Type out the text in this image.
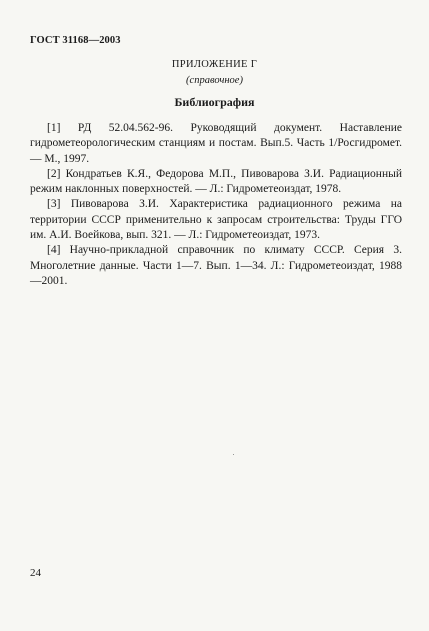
ГОСТ 31168—2003
ПРИЛОЖЕНИЕ Г
(справочное)
Библиография

[1] РД 52.04.562-96. Руководящий документ. Наставление гидрометеорологическим станциям и постам. Вып.5. Часть 1/Росгидромет. — М., 1997.

[2] Кондратьев К.Я., Федорова М.П., Пивоварова З.И. Радиационный режим наклонных поверхностей. — Л.: Гидрометеоиздат, 1978.

[3] Пивоварова З.И. Характеристика радиационного режима на территории СССР применительно к запросам строительства: Труды ГГО им. А.И. Воейкова, вып. 321. — Л.: Гидрометеоиздат, 1973.

[4] Научно-прикладной справочник по климату СССР. Серия 3. Многолетние данные. Части 1—7. Вып. 1—34. Л.: Гидрометеоиздат, 1988—2001.

24
